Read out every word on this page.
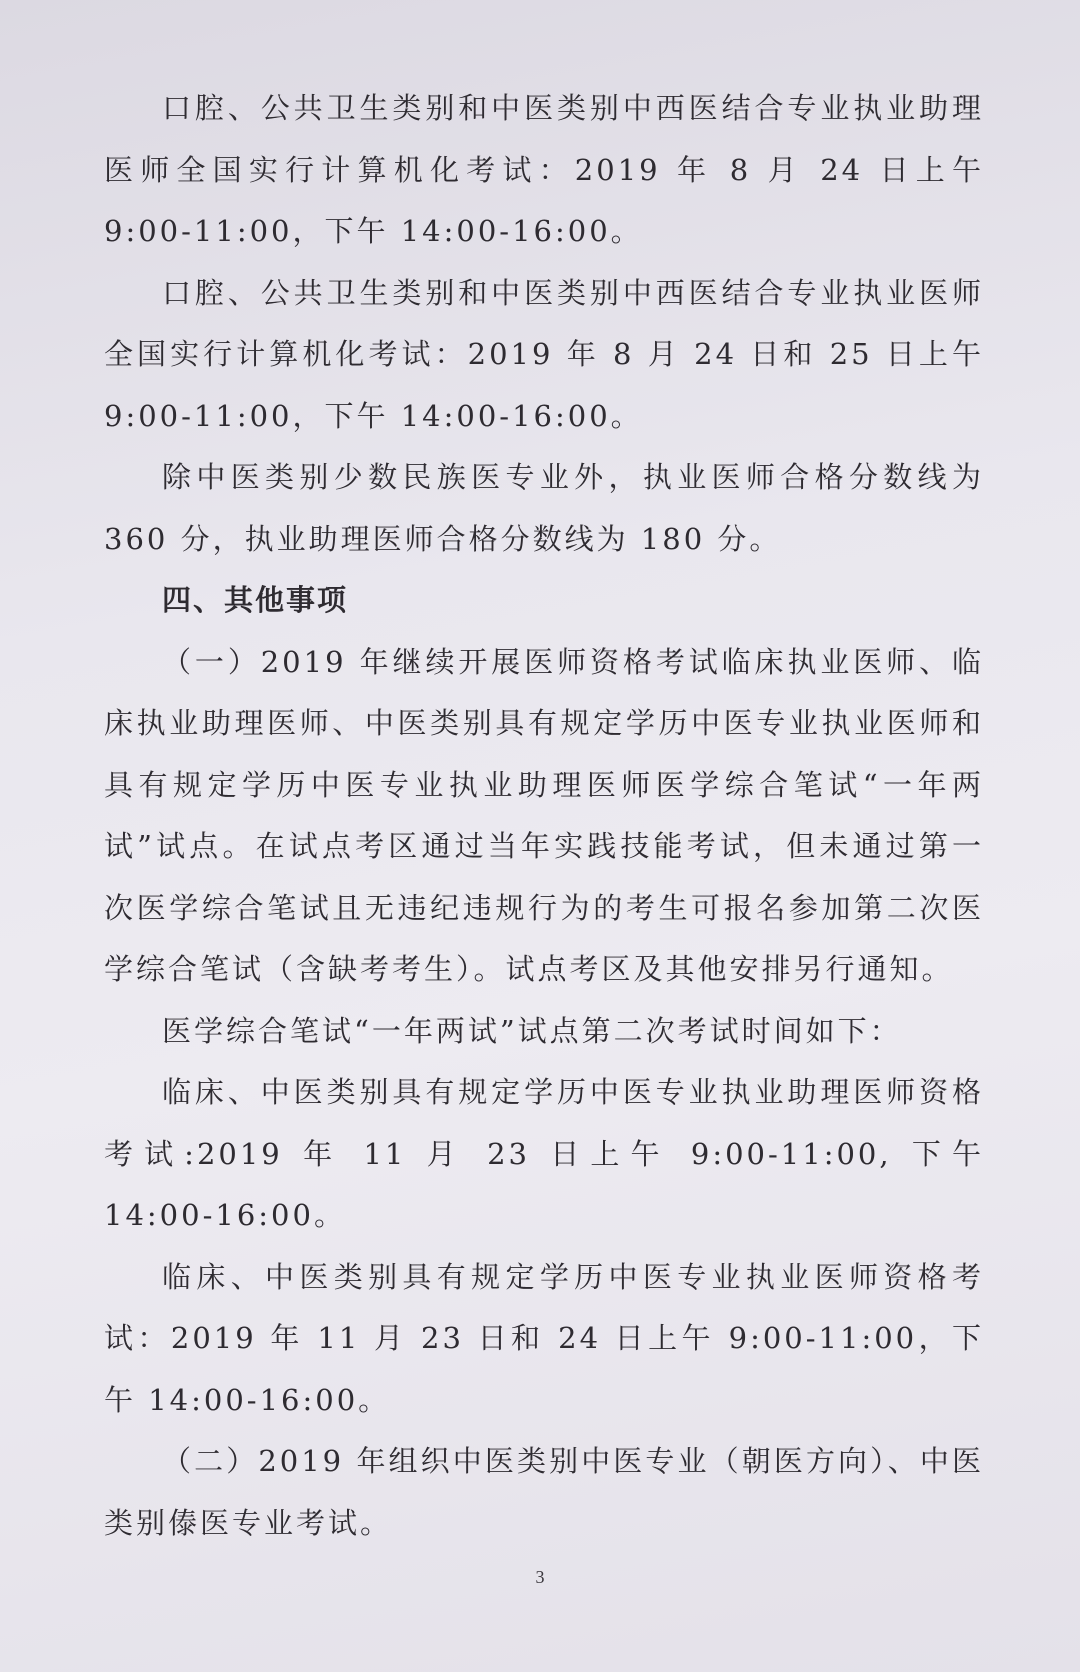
口腔、公共卫生类别和中医类别中西医结合专业执业助理医师全国实行计算机化考试：2019 年 8 月 24 日上午 9:00-11:00，下午 14:00-16:00。

口腔、公共卫生类别和中医类别中西医结合专业执业医师全国实行计算机化考试：2019 年 8 月 24 日和 25 日上午 9:00-11:00，下午 14:00-16:00。

除中医类别少数民族医专业外，执业医师合格分数线为 360 分，执业助理医师合格分数线为 180 分。

四、其他事项

（一）2019 年继续开展医师资格考试临床执业医师、临床执业助理医师、中医类别具有规定学历中医专业执业医师和具有规定学历中医专业执业助理医师医学综合笔试“一年两试”试点。在试点考区通过当年实践技能考试，但未通过第一次医学综合笔试且无违纪违规行为的考生可报名参加第二次医学综合笔试（含缺考考生）。试点考区及其他安排另行通知。

医学综合笔试“一年两试”试点第二次考试时间如下：

临床、中医类别具有规定学历中医专业执业助理医师资格考试:2019 年 11 月 23 日上午 9:00-11:00, 下午 14:00-16:00。

临床、中医类别具有规定学历中医专业执业医师资格考试：2019 年 11 月 23 日和 24 日上午 9:00-11:00，下午 14:00-16:00。

（二）2019 年组织中医类别中医专业（朝医方向）、中医类别傣医专业考试。

3
